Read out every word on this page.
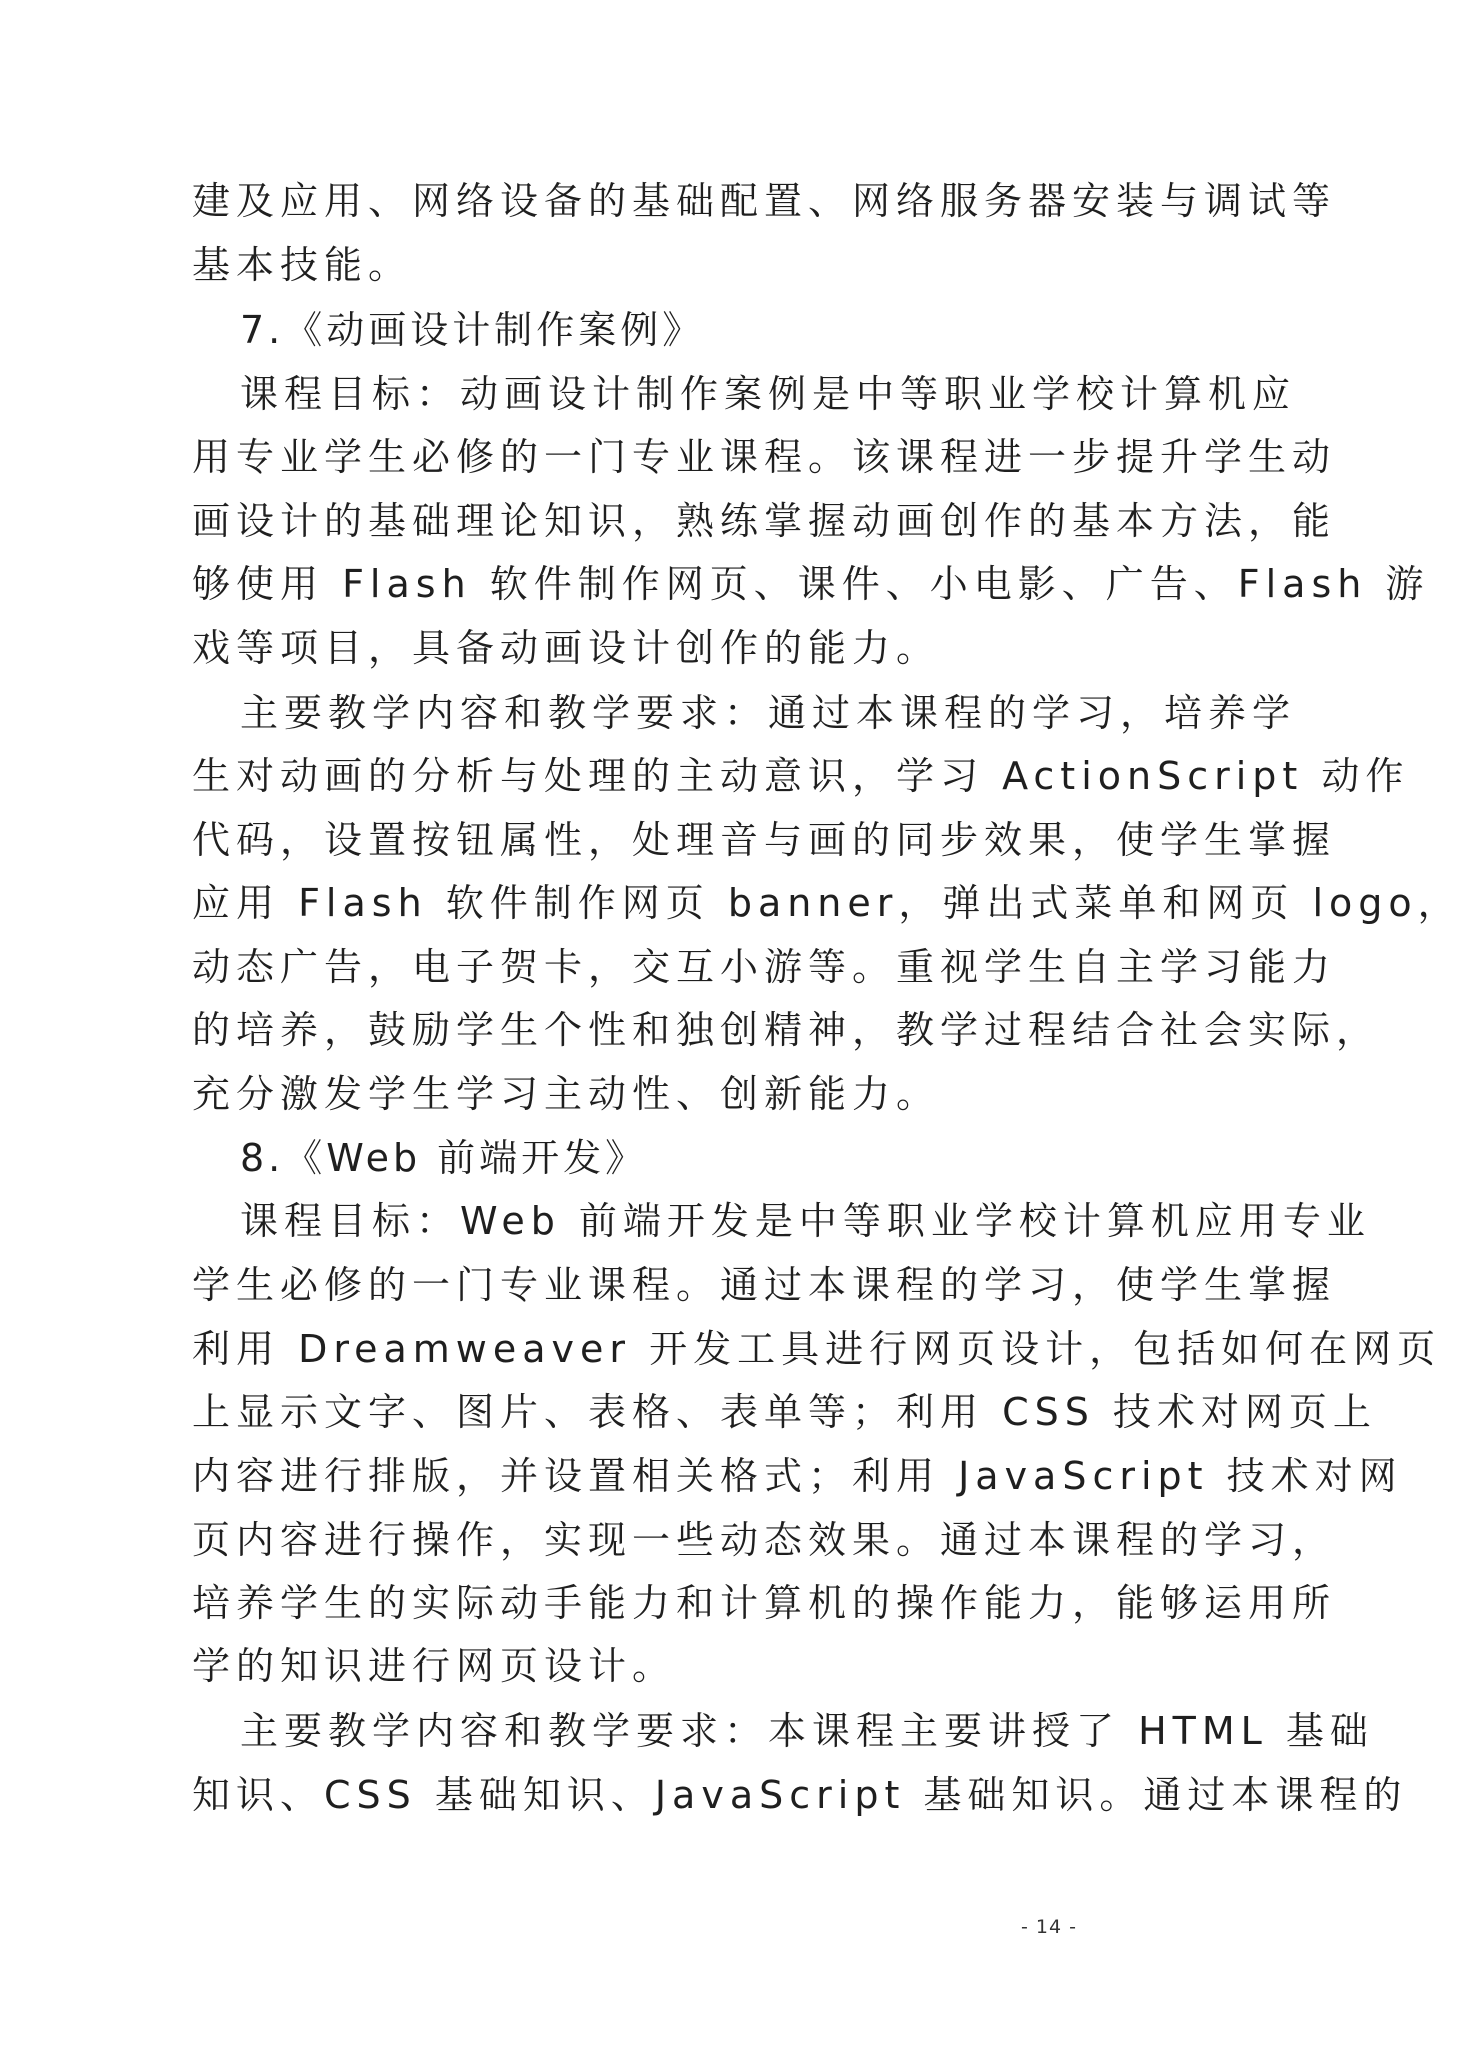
建及应用、网络设备的基础配置、网络服务器安装与调试等
基本技能。
7.《动画设计制作案例》
课程目标：动画设计制作案例是中等职业学校计算机应
用专业学生必修的一门专业课程。该课程进一步提升学生动
画设计的基础理论知识，熟练掌握动画创作的基本方法，能
够使用 Flash 软件制作网页、课件、小电影、广告、Flash 游
戏等项目，具备动画设计创作的能力。
主要教学内容和教学要求：通过本课程的学习，培养学
生对动画的分析与处理的主动意识，学习 ActionScript 动作
代码，设置按钮属性，处理音与画的同步效果，使学生掌握
应用 Flash 软件制作网页 banner，弹出式菜单和网页 logo，
动态广告，电子贺卡，交互小游等。重视学生自主学习能力
的培养，鼓励学生个性和独创精神，教学过程结合社会实际，
充分激发学生学习主动性、创新能力。
8.《Web 前端开发》
课程目标：Web 前端开发是中等职业学校计算机应用专业
学生必修的一门专业课程。通过本课程的学习，使学生掌握
利用 Dreamweaver 开发工具进行网页设计，包括如何在网页
上显示文字、图片、表格、表单等；利用 CSS 技术对网页上
内容进行排版，并设置相关格式；利用 JavaScript 技术对网
页内容进行操作，实现一些动态效果。通过本课程的学习，
培养学生的实际动手能力和计算机的操作能力，能够运用所
学的知识进行网页设计。
主要教学内容和教学要求：本课程主要讲授了 HTML 基础
知识、CSS 基础知识、JavaScript 基础知识。通过本课程的
- 14 -
